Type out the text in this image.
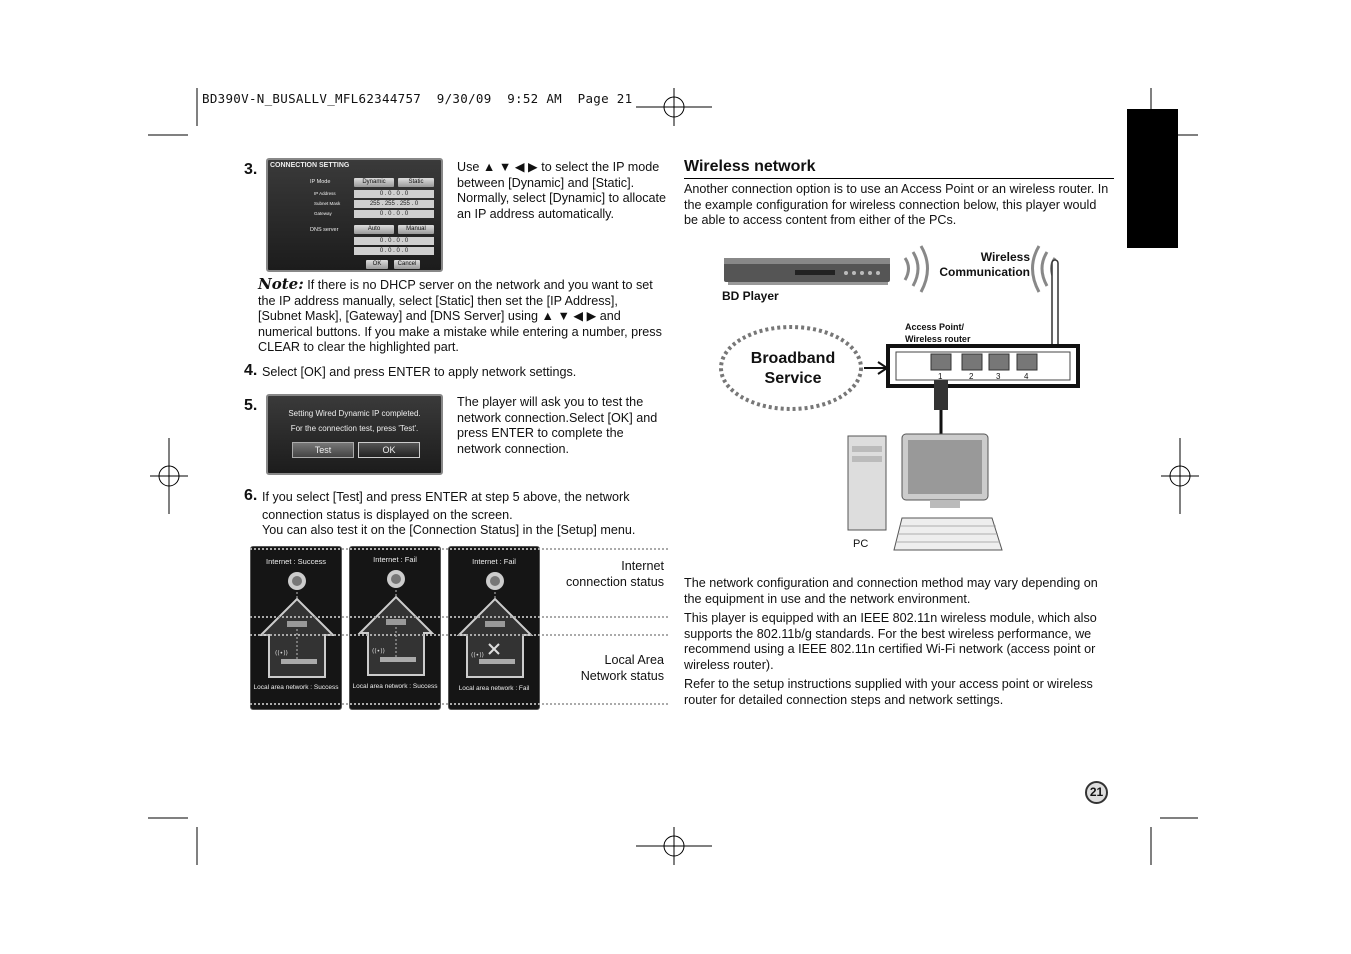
BD390V-N_BUSALLV_MFL62344757  9/30/09  9:52 AM  Page 21
3. CONNECTION SETTING
IP Mode	Dynamic	Static
IP Address	0 . 0 . 0 . 0
Subnet Mask	255 . 255 . 255 . 0
Gateway	0 . 0 . 0 . 0
DNS server	Auto	Manual
0 . 0 . 0 . 0
0 . 0 . 0 . 0
OK	Cancel
Use ▲ ▼ ◀ ▶ to select the IP mode between [Dynamic] and [Static]. Normally, select [Dynamic] to allocate an IP address automatically.
Note: If there is no DHCP server on the network and you want to set the IP address manually, select [Static] then set the [IP Address], [Subnet Mask], [Gateway] and [DNS Server] using ▲ ▼ ◀ ▶ and numerical buttons. If you make a mistake while entering a number, press CLEAR to clear the highlighted part.
4. Select [OK] and press ENTER to apply network settings.
5.	Setting Wired Dynamic IP completed.
For the connection test, press 'Test'.
Test	OK
The player will ask you to test the network connection.Select [OK] and press ENTER to complete the network connection.
6. If you select [Test] and press ENTER at step 5 above, the network
connection status is displayed on the screen.
You can also test it on the [Connection Status] in the [Setup] menu.
Internet : Success
((•))
Local area network : Success
Internet : Fail
((•))
Local area network : Success
Internet : Fail
((•))
Local area network : Fail
Internet
connection status
Local Area
Network status
Wireless network
Another connection option is to use an Access Point or an wireless router. In the example configuration for wireless connection below, this player would be able to access content from either of the PCs.
Wireless
Communication
BD Player
Access Point/
Wireless router
Broadband
Service	1	2	3	4
PC
The network configuration and connection method may vary depending on the equipment in use and the network environment.
This player is equipped with an IEEE 802.11n wireless module, which also supports the 802.11b/g standards. For the best wireless performance, we recommend using a IEEE 802.11n certified Wi-Fi network (access point or wireless router).
Refer to the setup instructions supplied with your access point or wireless router for detailed connection steps and network settings.
21
